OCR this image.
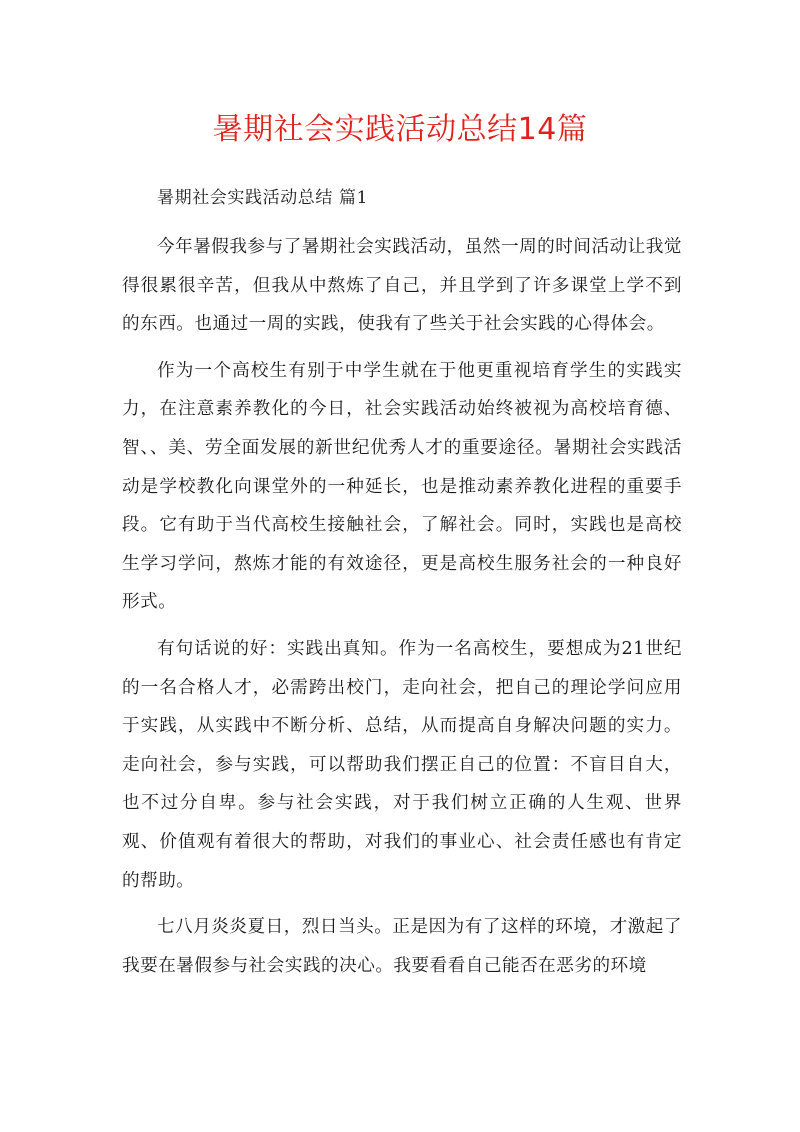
暑期社会实践活动总结14篇
暑期社会实践活动总结 篇1

今年暑假我参与了暑期社会实践活动，虽然一周的时间活动让我觉得很累很辛苦，但我从中熬炼了自己，并且学到了许多课堂上学不到的东西。也通过一周的实践，使我有了些关于社会实践的心得体会。

作为一个高校生有别于中学生就在于他更重视培育学生的实践实力，在注意素养教化的今日，社会实践活动始终被视为高校培育德、智、、美、劳全面发展的新世纪优秀人才的重要途径。暑期社会实践活动是学校教化向课堂外的一种延长，也是推动素养教化进程的重要手段。它有助于当代高校生接触社会，了解社会。同时，实践也是高校生学习学问，熬炼才能的有效途径，更是高校生服务社会的一种良好形式。

有句话说的好：实践出真知。作为一名高校生，要想成为21世纪的一名合格人才，必需跨出校门，走向社会，把自己的理论学问应用于实践，从实践中不断分析、总结，从而提高自身解决问题的实力。走向社会，参与实践，可以帮助我们摆正自己的位置：不盲目自大，也不过分自卑。参与社会实践，对于我们树立正确的人生观、世界观、价值观有着很大的帮助，对我们的事业心、社会责任感也有肯定的帮助。

七八月炎炎夏日，烈日当头。正是因为有了这样的环境，才激起了我要在暑假参与社会实践的决心。我要看看自己能否在恶劣的环境
